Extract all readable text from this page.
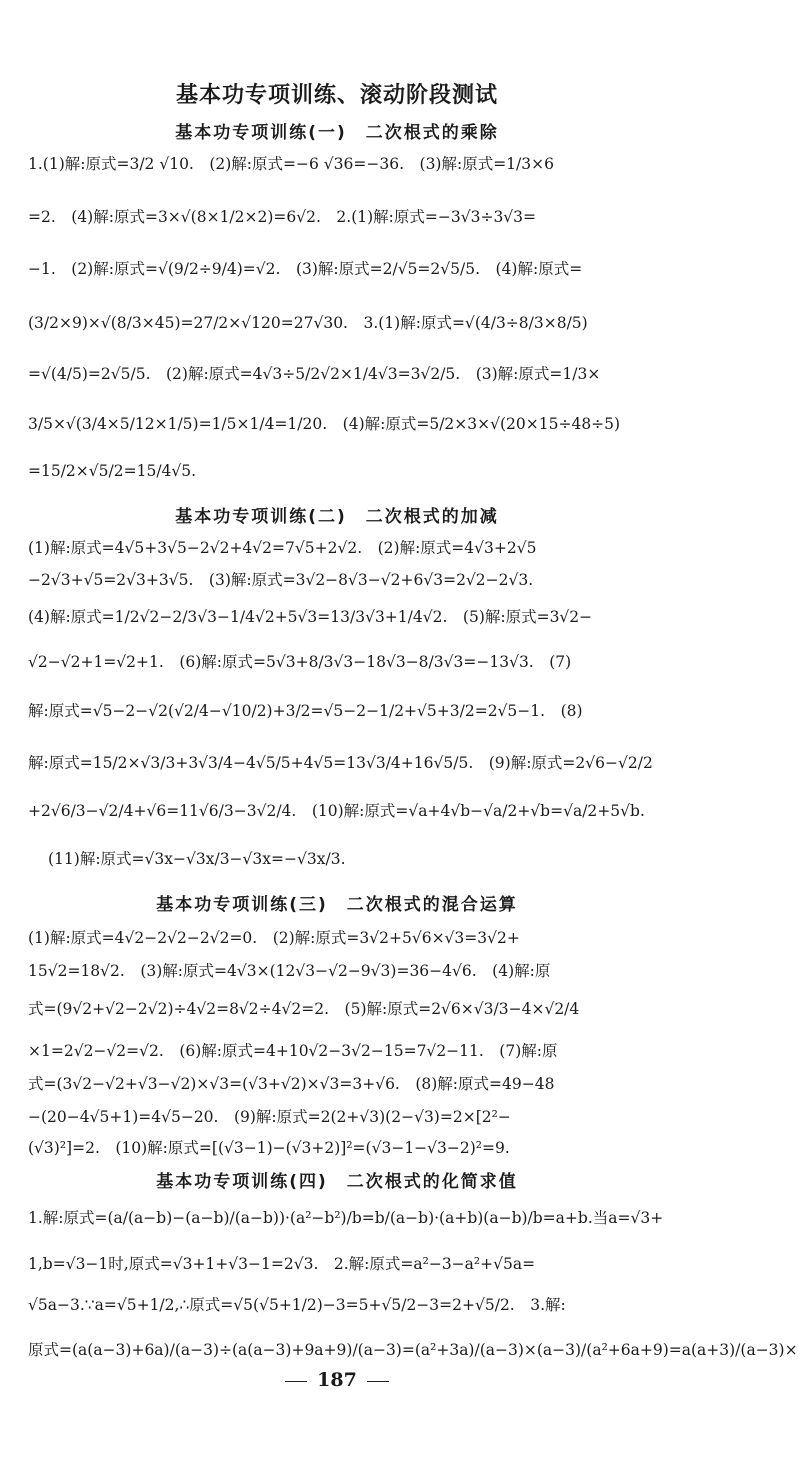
基本功专项训练、滚动阶段测试
基本功专项训练(一)　二次根式的乘除
1.(1)解:原式=3/2 √10.　(2)解:原式=−6 √36=−36.　(3)解:原式=1/3×6
=2.　(4)解:原式=3×√(8×1/2×2)=6√2.　2.(1)解:原式=−3√3÷3√3=
−1.　(2)解:原式=√(9/2÷9/4)=√2.　(3)解:原式=2/√5=2√5/5.　(4)解:原式=
(3/2×9)×√(8/3×45)=27/2×√120=27√30.　3.(1)解:原式=√(4/3÷8/3×8/5)
=√(4/5)=2√5/5.　(2)解:原式=4√3÷5/2√2×1/4√3=3√2/5.　(3)解:原式=1/3×
3/5×√(3/4×5/12×1/5)=1/5×1/4=1/20.　(4)解:原式=5/2×3×√(20×15÷48÷5)
=15/2×√5/2=15/4√5.
基本功专项训练(二)　二次根式的加减
(1)解:原式=4√5+3√5−2√2+4√2=7√5+2√2.　(2)解:原式=4√3+2√5
−2√3+√5=2√3+3√5.　(3)解:原式=3√2−8√3−√2+6√3=2√2−2√3.
(4)解:原式=1/2√2−2/3√3−1/4√2+5√3=13/3√3+1/4√2.　(5)解:原式=3√2−
√2−√2+1=√2+1.　(6)解:原式=5√3+8/3√3−18√3−8/3√3=−13√3.　(7)
解:原式=√5−2−√2(√2/4−√10/2)+3/2=√5−2−1/2+√5+3/2=2√5−1.　(8)
解:原式=15/2×√3/3+3√3/4−4√5/5+4√5=13√3/4+16√5/5.　(9)解:原式=2√6−√2/2
+2√6/3−√2/4+√6=11√6/3−3√2/4.　(10)解:原式=√a+4√b−√a/2+√b=√a/2+5√b.
(11)解:原式=√3x−√3x/3−√3x=−√3x/3.
基本功专项训练(三)　二次根式的混合运算
(1)解:原式=4√2−2√2−2√2=0.　(2)解:原式=3√2+5√6×√3=3√2+
15√2=18√2.　(3)解:原式=4√3×(12√3−√2−9√3)=36−4√6.　(4)解:原
式=(9√2+√2−2√2)÷4√2=8√2÷4√2=2.　(5)解:原式=2√6×√3/3−4×√2/4
×1=2√2−√2=√2.　(6)解:原式=4+10√2−3√2−15=7√2−11.　(7)解:原
式=(3√2−√2+√3−√2)×√3=(√3+√2)×√3=3+√6.　(8)解:原式=49−48
−(20−4√5+1)=4√5−20.　(9)解:原式=2(2+√3)(2−√3)=2×[2²−
(√3)²]=2.　(10)解:原式=[(√3−1)−(√3+2)]²=(√3−1−√3−2)²=9.
基本功专项训练(四)　二次根式的化简求值
1.解:原式=(a/(a−b)−(a−b)/(a−b))·(a²−b²)/b=b/(a−b)·(a+b)(a−b)/b=a+b.当a=√3+
1,b=√3−1时,原式=√3+1+√3−1=2√3.　2.解:原式=a²−3−a²+√5a=
√5a−3.∵a=√5+1/2,∴原式=√5(√5+1/2)−3=5+√5/2−3=2+√5/2.　3.解:
原式=(a(a−3)+6a)/(a−3)÷(a(a−3)+9a+9)/(a−3)=(a²+3a)/(a−3)×(a−3)/(a²+6a+9)=a(a+3)/(a−3)×
187
